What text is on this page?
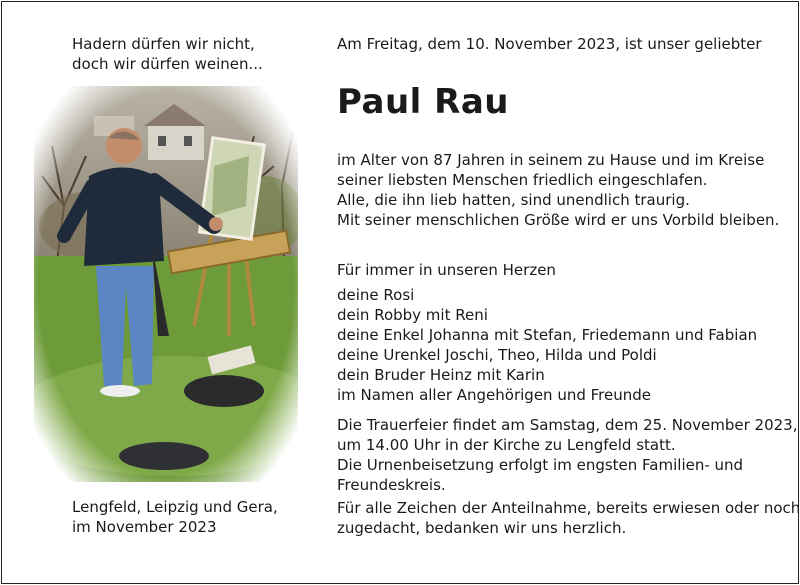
Hadern dürfen wir nicht,
doch wir dürfen weinen...
Lengfeld, Leipzig und Gera,
im November 2023
Am Freitag, dem 10. November 2023, ist unser geliebter
Paul Rau
im Alter von 87 Jahren in seinem zu Hause und im Kreise
seiner liebsten Menschen friedlich eingeschlafen.
Alle, die ihn lieb hatten, sind unendlich traurig.
Mit seiner menschlichen Größe wird er uns Vorbild bleiben.
Für immer in unseren Herzen
deine Rosi
dein Robby mit Reni
deine Enkel Johanna mit Stefan, Friedemann und Fabian
deine Urenkel Joschi, Theo, Hilda und Poldi
dein Bruder Heinz mit Karin
im Namen aller Angehörigen und Freunde
Die Trauerfeier findet am Samstag, dem 25. November 2023,
um 14.00 Uhr in der Kirche zu Lengfeld statt.
Die Urnenbeisetzung erfolgt im engsten Familien- und
Freundeskreis.
Für alle Zeichen der Anteilnahme, bereits erwiesen oder noch
zugedacht, bedanken wir uns herzlich.
